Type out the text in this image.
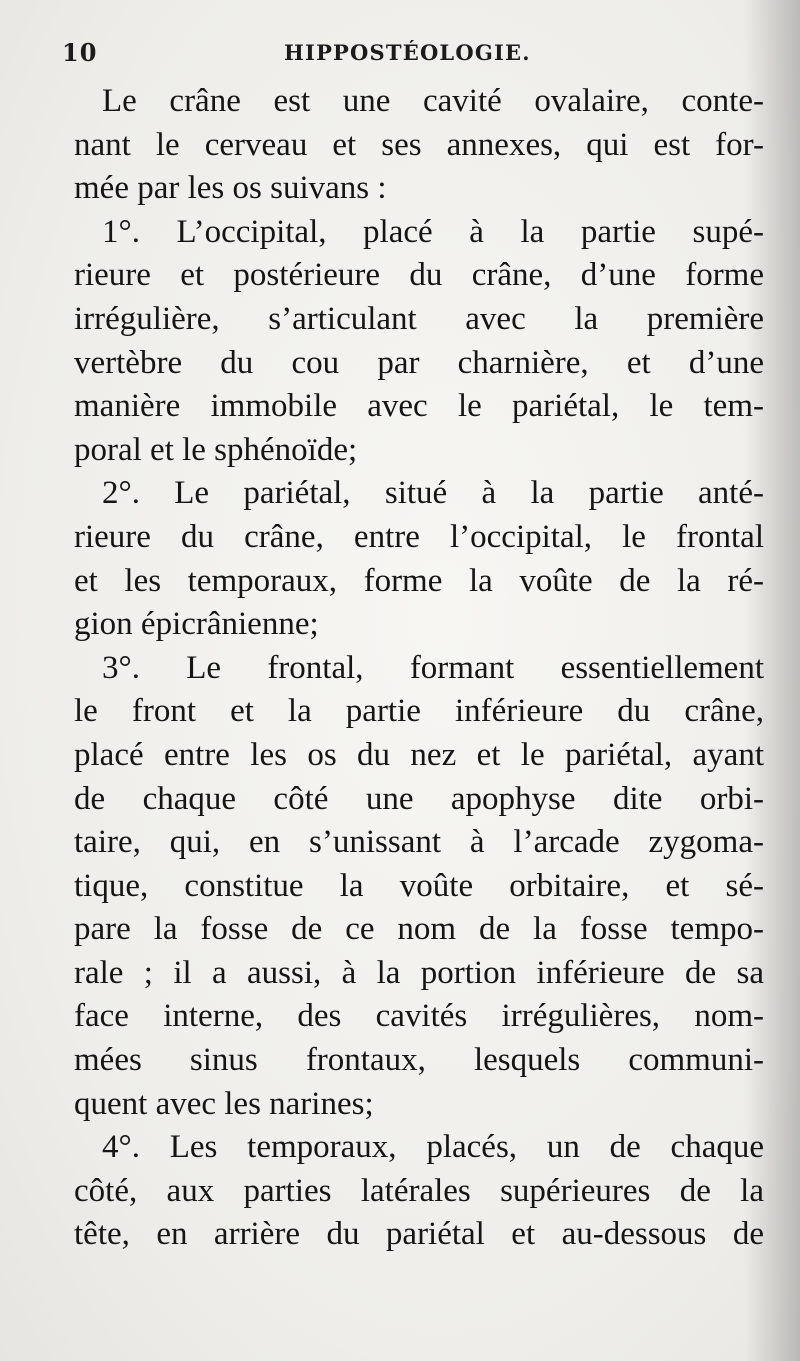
10	HIPPOSTÉOLOGIE.
Le crâne est une cavité ovalaire, conte-
nant le cerveau et ses annexes, qui est for-
mée par les os suivans :
1°. L’occipital, placé à la partie supé-
rieure et postérieure du crâne, d’une forme
irrégulière, s’articulant avec la première
vertèbre du cou par charnière, et d’une
manière immobile avec le pariétal, le tem-
poral et le sphénoïde;
2°. Le pariétal, situé à la partie anté-
rieure du crâne, entre l’occipital, le frontal
et les temporaux, forme la voûte de la ré-
gion épicrânienne;
3°. Le frontal, formant essentiellement
le front et la partie inférieure du crâne,
placé entre les os du nez et le pariétal, ayant
de chaque côté une apophyse dite orbi-
taire, qui, en s’unissant à l’arcade zygoma-
tique, constitue la voûte orbitaire, et sé-
pare la fosse de ce nom de la fosse tempo-
rale ; il a aussi, à la portion inférieure de sa
face interne, des cavités irrégulières, nom-
mées sinus frontaux, lesquels communi-
quent avec les narines;
4°. Les temporaux, placés, un de chaque
côté, aux parties latérales supérieures de la
tête, en arrière du pariétal et au-dessous de
